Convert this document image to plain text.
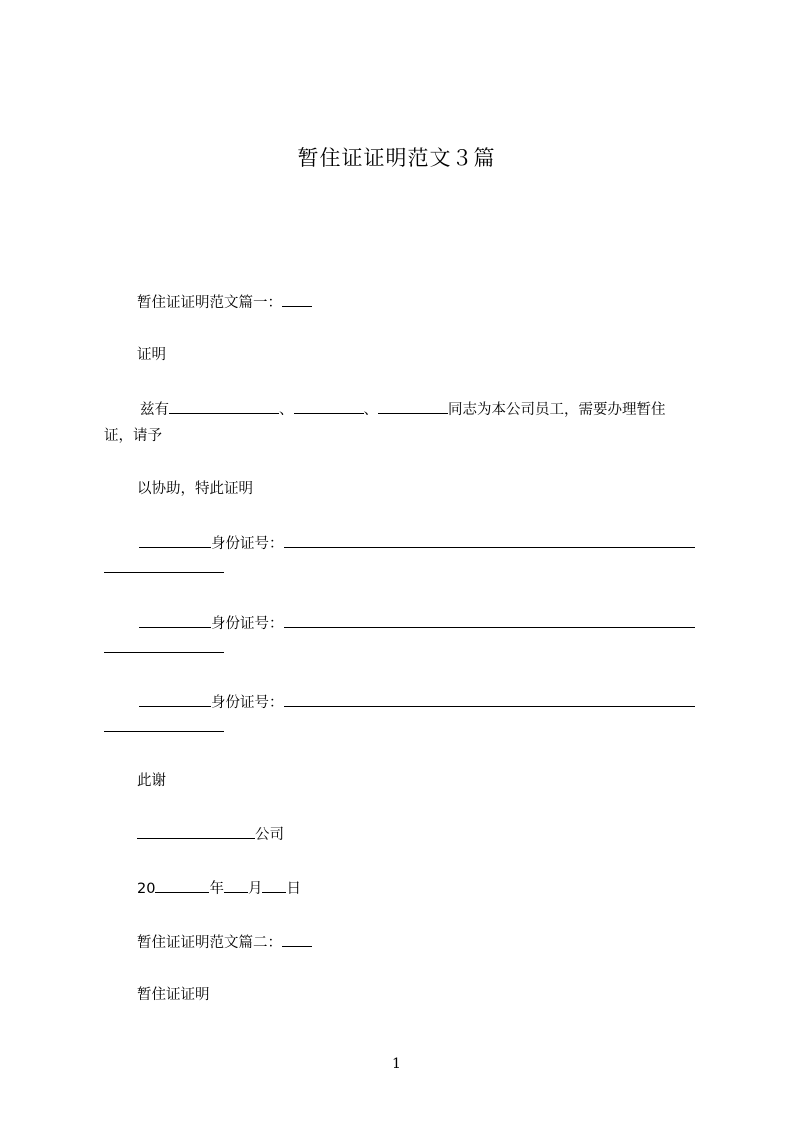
暂住证证明范文３篇
暂住证证明范文篇一：
证明
兹有	、	、	同志为本公司员工，需要办理暂住
证，请予
以协助，特此证明
身份证号：
身份证号：
身份证号：
此谢
公司
20	年 月 日
暂住证证明范文篇二：
暂住证证明
1
